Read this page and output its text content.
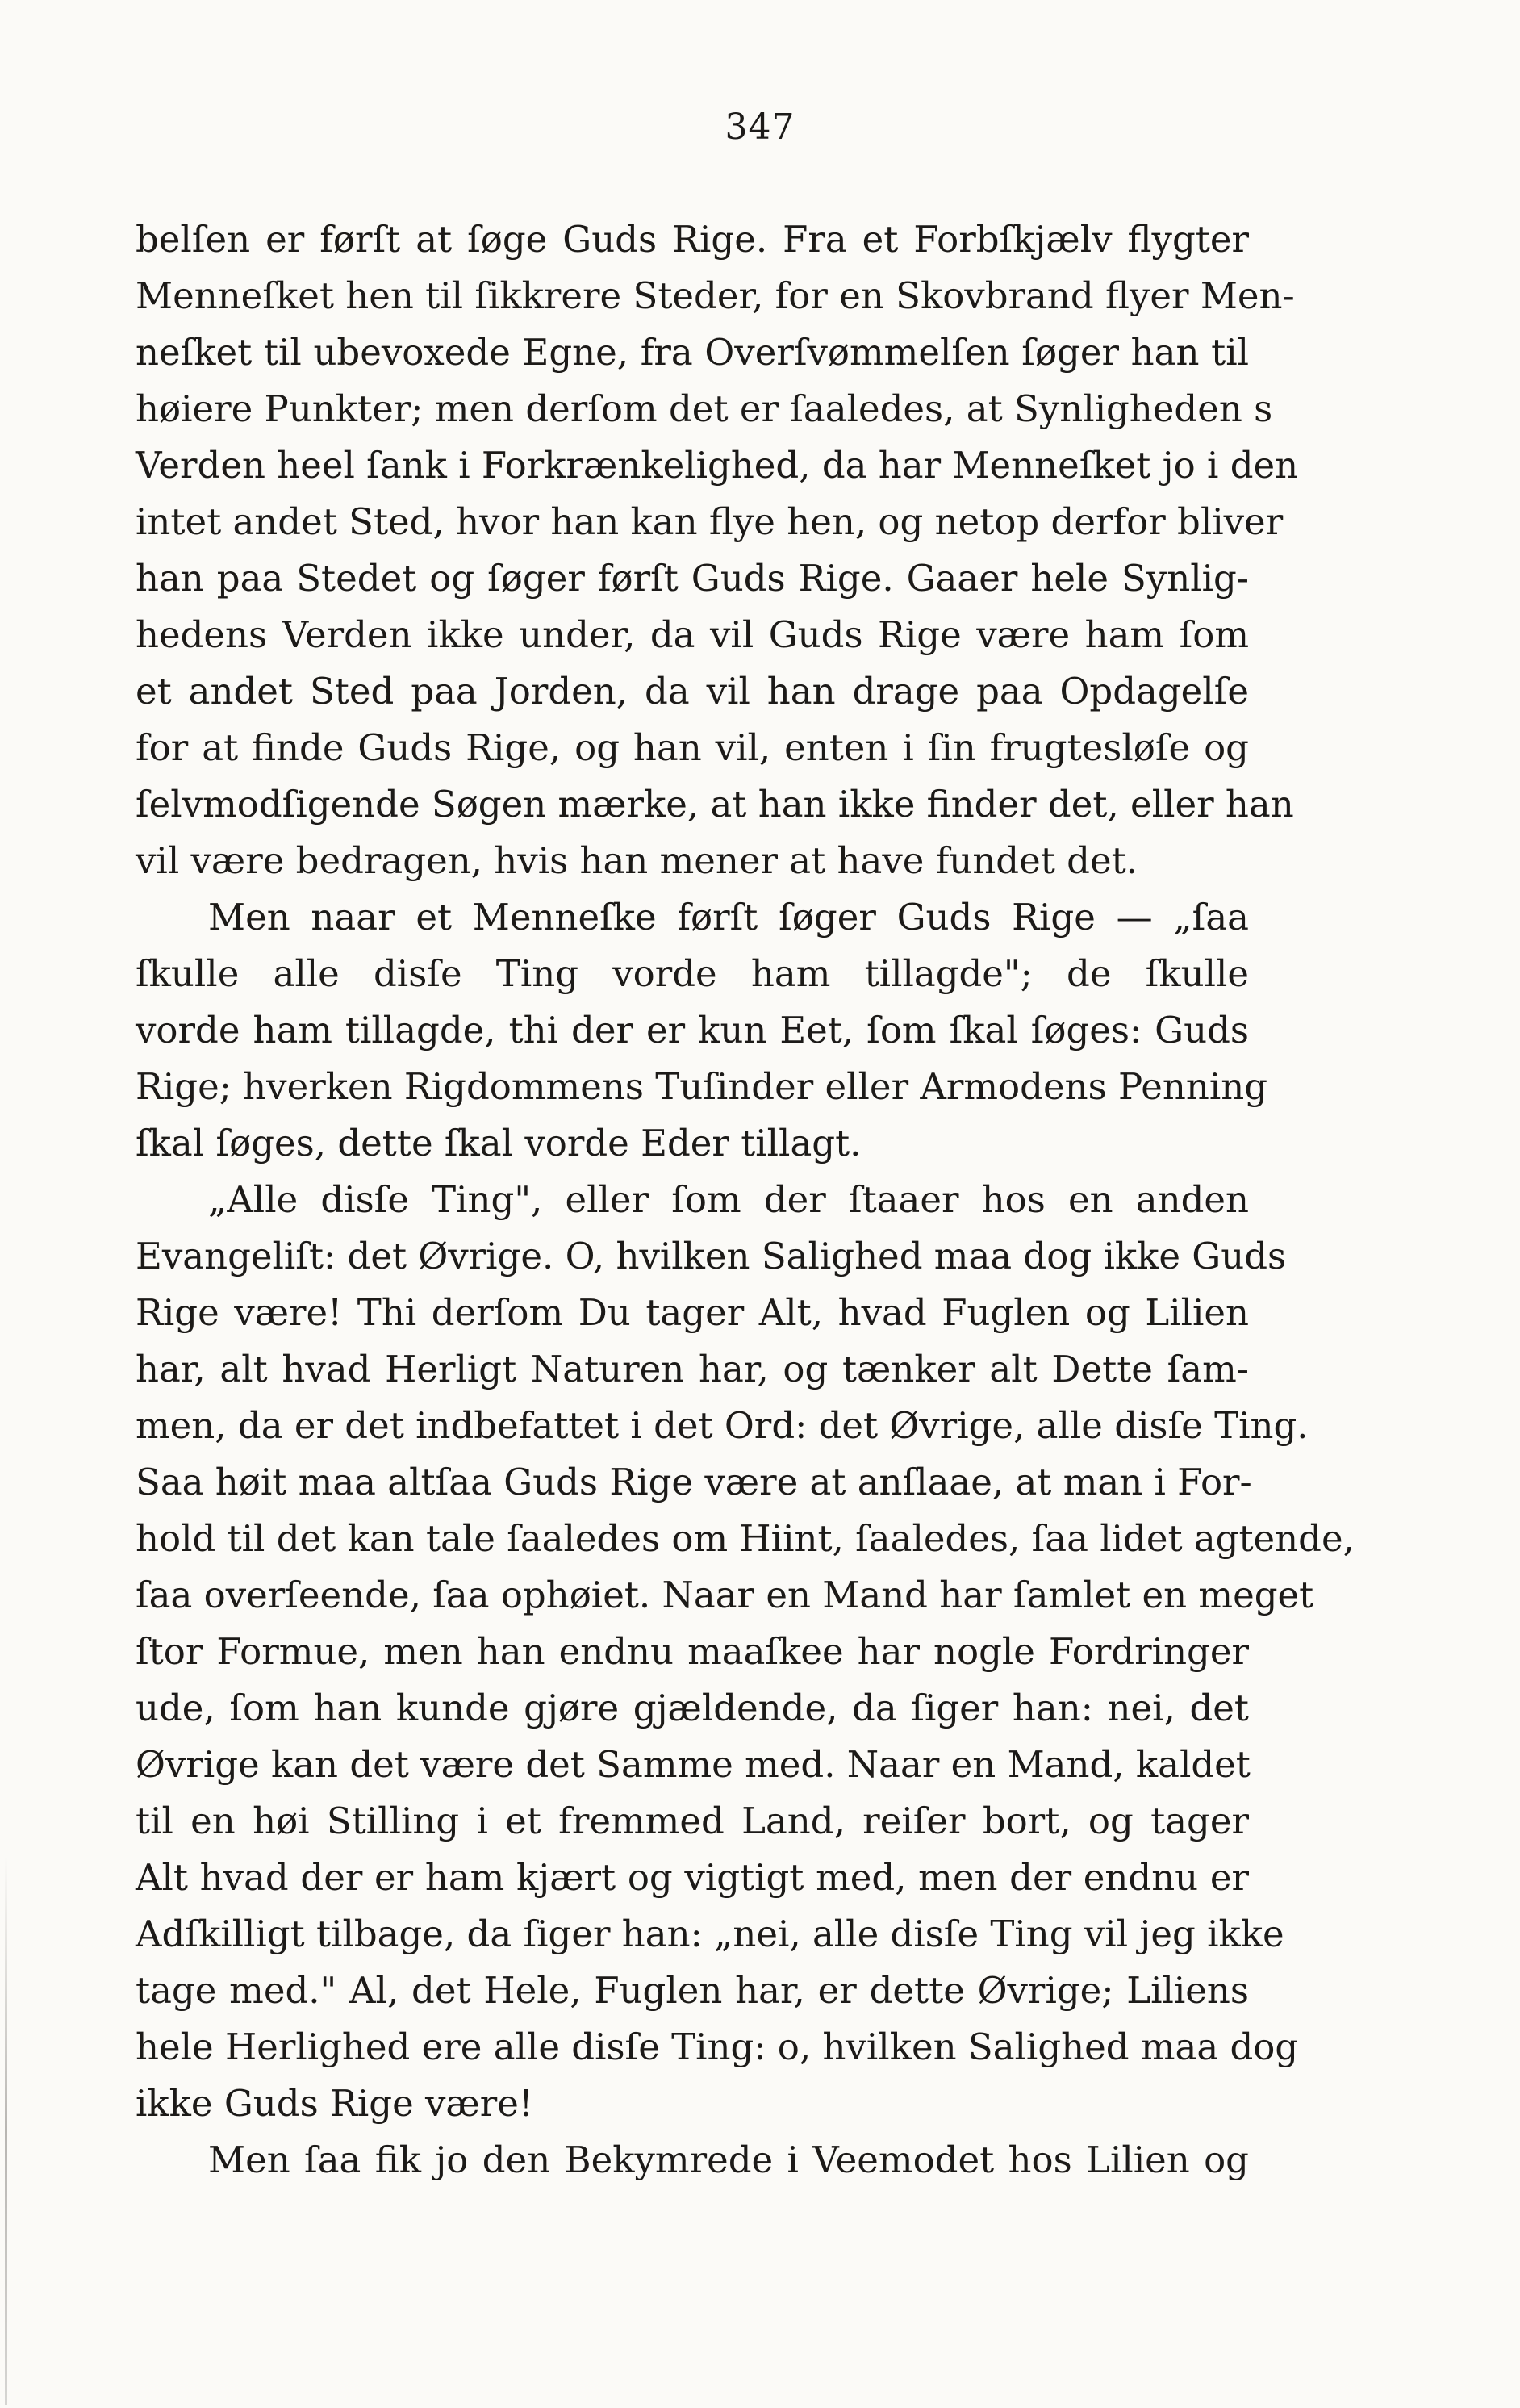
347
belſen er førſt at ſøge Guds Rige. Fra et Forbſkjælv flygter
Menneſket hen til ſikkrere Steder, for en Skovbrand flyer Men-
neſket til ubevoxede Egne, fra Overſvømmelſen ſøger han til
høiere Punkter; men derſom det er ſaaledes, at Synligheden s
Verden heel ſank i Forkrænkelighed, da har Menneſket jo i den
intet andet Sted, hvor han kan flye hen, og netop derfor bliver
han paa Stedet og ſøger førſt Guds Rige. Gaaer hele Synlig-
hedens Verden ikke under, da vil Guds Rige være ham ſom
et andet Sted paa Jorden, da vil han drage paa Opdagelſe
for at finde Guds Rige, og han vil, enten i ſin frugtesløſe og
ſelvmodſigende Søgen mærke, at han ikke finder det, eller han
vil være bedragen, hvis han mener at have fundet det.
Men naar et Menneſke førſt ſøger Guds Rige — „ſaa
ſkulle alle disſe Ting vorde ham tillagde"; de ſkulle
vorde ham tillagde, thi der er kun Eet, ſom ſkal ſøges: Guds
Rige; hverken Rigdommens Tuſinder eller Armodens Penning
ſkal ſøges, dette ſkal vorde Eder tillagt.
„Alle disſe Ting", eller ſom der ſtaaer hos en anden
Evangeliſt: det Øvrige. O, hvilken Salighed maa dog ikke Guds
Rige være! Thi derſom Du tager Alt, hvad Fuglen og Lilien
har, alt hvad Herligt Naturen har, og tænker alt Dette ſam-
men, da er det indbefattet i det Ord: det Øvrige, alle disſe Ting.
Saa høit maa altſaa Guds Rige være at anſlaae, at man i For-
hold til det kan tale ſaaledes om Hiint, ſaaledes, ſaa lidet agtende,
ſaa overſeende, ſaa ophøiet. Naar en Mand har ſamlet en meget
ſtor Formue, men han endnu maaſkee har nogle Fordringer
ude, ſom han kunde gjøre gjældende, da ſiger han: nei, det
Øvrige kan det være det Samme med. Naar en Mand, kaldet
til en høi Stilling i et fremmed Land, reiſer bort, og tager
Alt hvad der er ham kjært og vigtigt med, men der endnu er
Adſkilligt tilbage, da ſiger han: „nei, alle disſe Ting vil jeg ikke
tage med." Al, det Hele, Fuglen har, er dette Øvrige; Liliens
hele Herlighed ere alle disſe Ting: o, hvilken Salighed maa dog
ikke Guds Rige være!
Men ſaa fik jo den Bekymrede i Veemodet hos Lilien og
